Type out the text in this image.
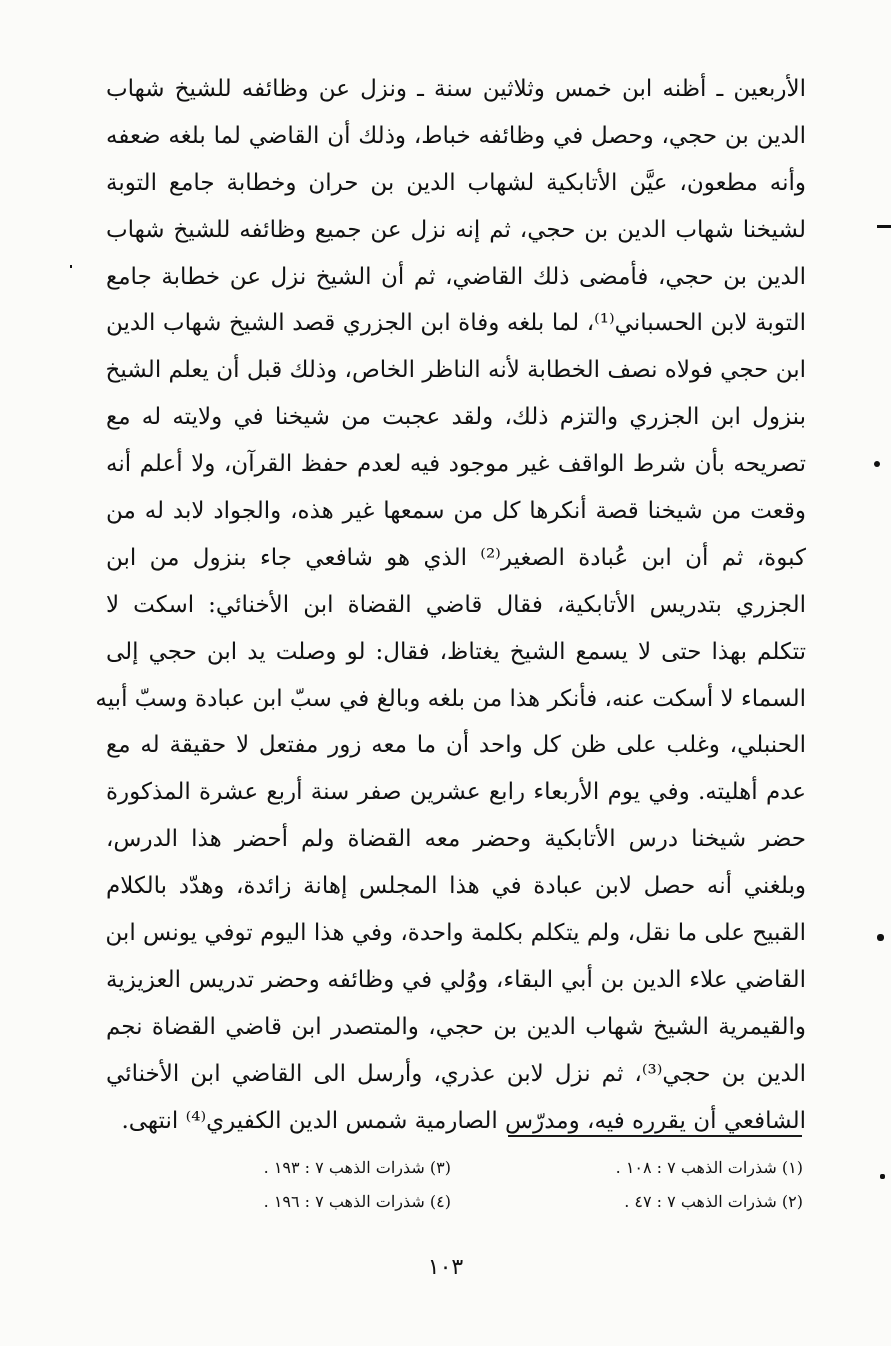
الأربعين ـ أظنه ابن خمس وثلاثين سنة ـ ونزل عن وظائفه للشيخ شهاب
الدين بن حجي، وحصل في وظائفه خباط، وذلك أن القاضي لما بلغه ضعفه
وأنه مطعون، عيَّن الأتابكية لشهاب الدين بن حران وخطابة جامع التوبة
لشيخنا شهاب الدين بن حجي، ثم إنه نزل عن جميع وظائفه للشيخ شهاب
الدين بن حجي، فأمضى ذلك القاضي، ثم أن الشيخ نزل عن خطابة جامع
التوبة لابن الحسباني⁽¹⁾، لما بلغه وفاة ابن الجزري قصد الشيخ شهاب الدين
ابن حجي فولاه نصف الخطابة لأنه الناظر الخاص، وذلك قبل أن يعلم الشيخ
بنزول ابن الجزري والتزم ذلك، ولقد عجبت من شيخنا في ولايته له مع
تصريحه بأن شرط الواقف غير موجود فيه لعدم حفظ القرآن، ولا أعلم أنه
وقعت من شيخنا قصة أنكرها كل من سمعها غير هذه، والجواد لابد له من
كبوة، ثم أن ابن عُبادة الصغير⁽²⁾ الذي هو شافعي جاء بنزول من ابن
الجزري بتدريس الأتابكية، فقال قاضي القضاة ابن الأخنائي: اسكت لا
تتكلم بهذا حتى لا يسمع الشيخ يغتاظ، فقال: لو وصلت يد ابن حجي إلى
السماء لا أسكت عنه، فأنكر هذا من بلغه وبالغ في سبّ ابن عبادة وسبّ أبيه
الحنبلي، وغلب على ظن كل واحد أن ما معه زور مفتعل لا حقيقة له مع
عدم أهليته. وفي يوم الأربعاء رابع عشرين صفر سنة أربع عشرة المذكورة
حضر شيخنا درس الأتابكية وحضر معه القضاة ولم أحضر هذا الدرس،
وبلغني أنه حصل لابن عبادة في هذا المجلس إهانة زائدة، وهدّد بالكلام
القبيح على ما نقل، ولم يتكلم بكلمة واحدة، وفي هذا اليوم توفي يونس ابن
القاضي علاء الدين بن أبي البقاء، ووُلي في وظائفه وحضر تدريس العزيزية
والقيمرية الشيخ شهاب الدين بن حجي، والمتصدر ابن قاضي القضاة نجم
الدين بن حجي⁽³⁾، ثم نزل لابن عذري، وأرسل الى القاضي ابن الأخنائي
الشافعي أن يقرره فيه، ومدرّس الصارمية شمس الدين الكفيري⁽⁴⁾ انتهى.
(١) شذرات الذهب ٧ : ١٠٨ .
(٢) شذرات الذهب ٧ : ٤٧ .
(٣) شذرات الذهب ٧ : ١٩٣ .
(٤) شذرات الذهب ٧ : ١٩٦ .
١٠٣
